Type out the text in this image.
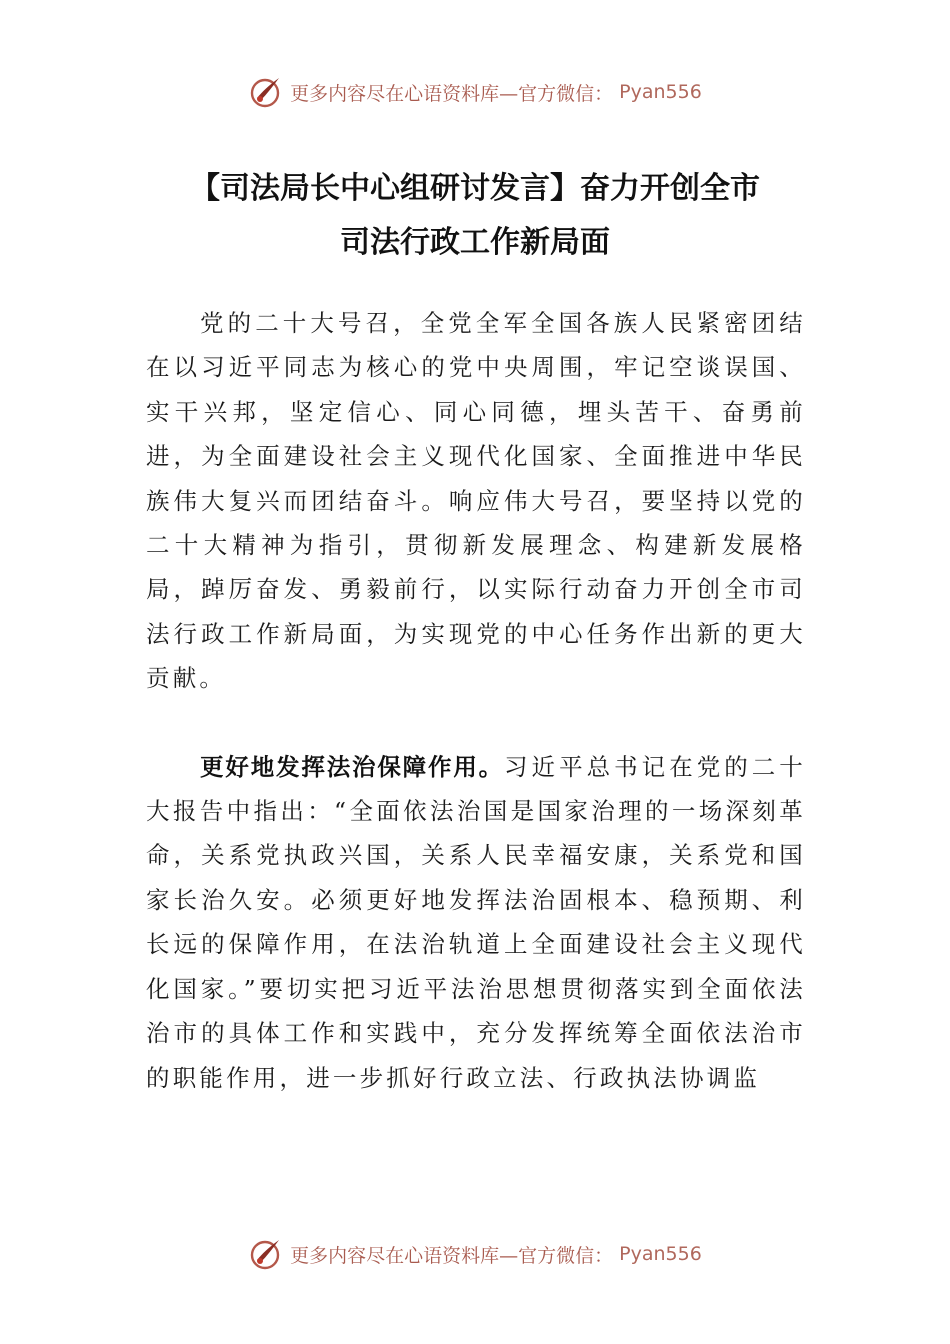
更多内容尽在心语资料库—官方微信： Pyan556
【司法局长中心组研讨发言】奋力开创全市
司法行政工作新局面

党的二十大号召，全党全军全国各族人民紧密团结在以习近平同志为核心的党中央周围，牢记空谈误国、实干兴邦，坚定信心、同心同德，埋头苦干、奋勇前进，为全面建设社会主义现代化国家、全面推进中华民族伟大复兴而团结奋斗。响应伟大号召，要坚持以党的二十大精神为指引，贯彻新发展理念、构建新发展格局，踔厉奋发、勇毅前行，以实际行动奋力开创全市司法行政工作新局面，为实现党的中心任务作出新的更大贡献。

更好地发挥法治保障作用。习近平总书记在党的二十大报告中指出：“全面依法治国是国家治理的一场深刻革命，关系党执政兴国，关系人民幸福安康，关系党和国家长治久安。必须更好地发挥法治固根本、稳预期、利长远的保障作用，在法治轨道上全面建设社会主义现代化国家。”要切实把习近平法治思想贯彻落实到全面依法治市的具体工作和实践中，充分发挥统筹全面依法治市的职能作用，进一步抓好行政立法、行政执法协调监

更多内容尽在心语资料库—官方微信： Pyan556
